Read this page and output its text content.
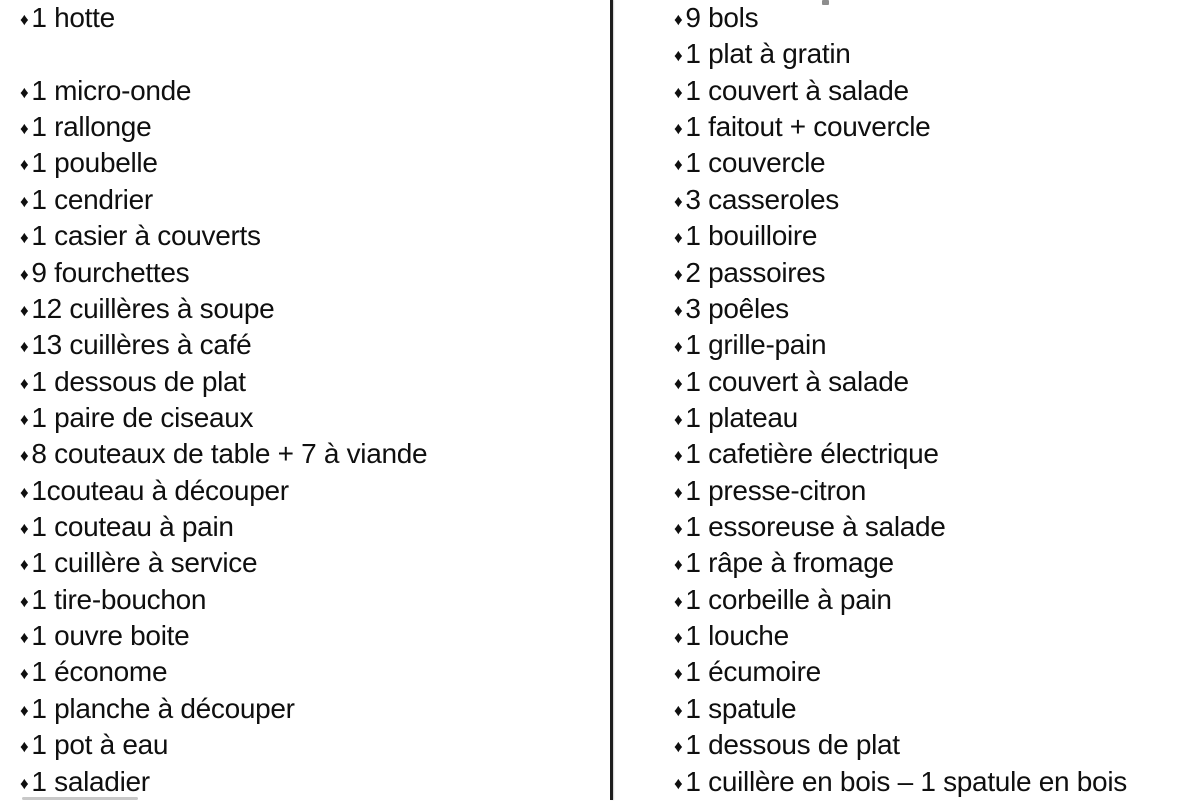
♦ 1 hotte
♦ 1 micro-onde
♦ 1 rallonge
♦ 1 poubelle
♦ 1 cendrier
♦ 1 casier à couverts
♦ 9 fourchettes
♦ 12 cuillères à soupe
♦ 13 cuillères à café
♦ 1 dessous de plat
♦ 1 paire de ciseaux
♦ 8 couteaux de table + 7 à viande
♦ 1couteau à découper
♦ 1 couteau à pain
♦ 1 cuillère à service
♦ 1 tire-bouchon
♦ 1 ouvre boite
♦ 1 économe
♦ 1 planche à découper
♦ 1 pot à eau
♦ 1 saladier
♦ 9 bols
♦ 1 plat à gratin
♦ 1 couvert à salade
♦ 1 faitout + couvercle
♦ 1 couvercle
♦ 3 casseroles
♦ 1 bouilloire
♦ 2 passoires
♦ 3 poêles
♦ 1 grille-pain
♦ 1 couvert à salade
♦ 1 plateau
♦ 1 cafetière électrique
♦ 1 presse-citron
♦ 1 essoreuse à salade
♦ 1 râpe à fromage
♦ 1 corbeille à pain
♦ 1 louche
♦ 1 écumoire
♦ 1 spatule
♦ 1 dessous de plat
♦ 1 cuillère en bois – 1 spatule en bois
